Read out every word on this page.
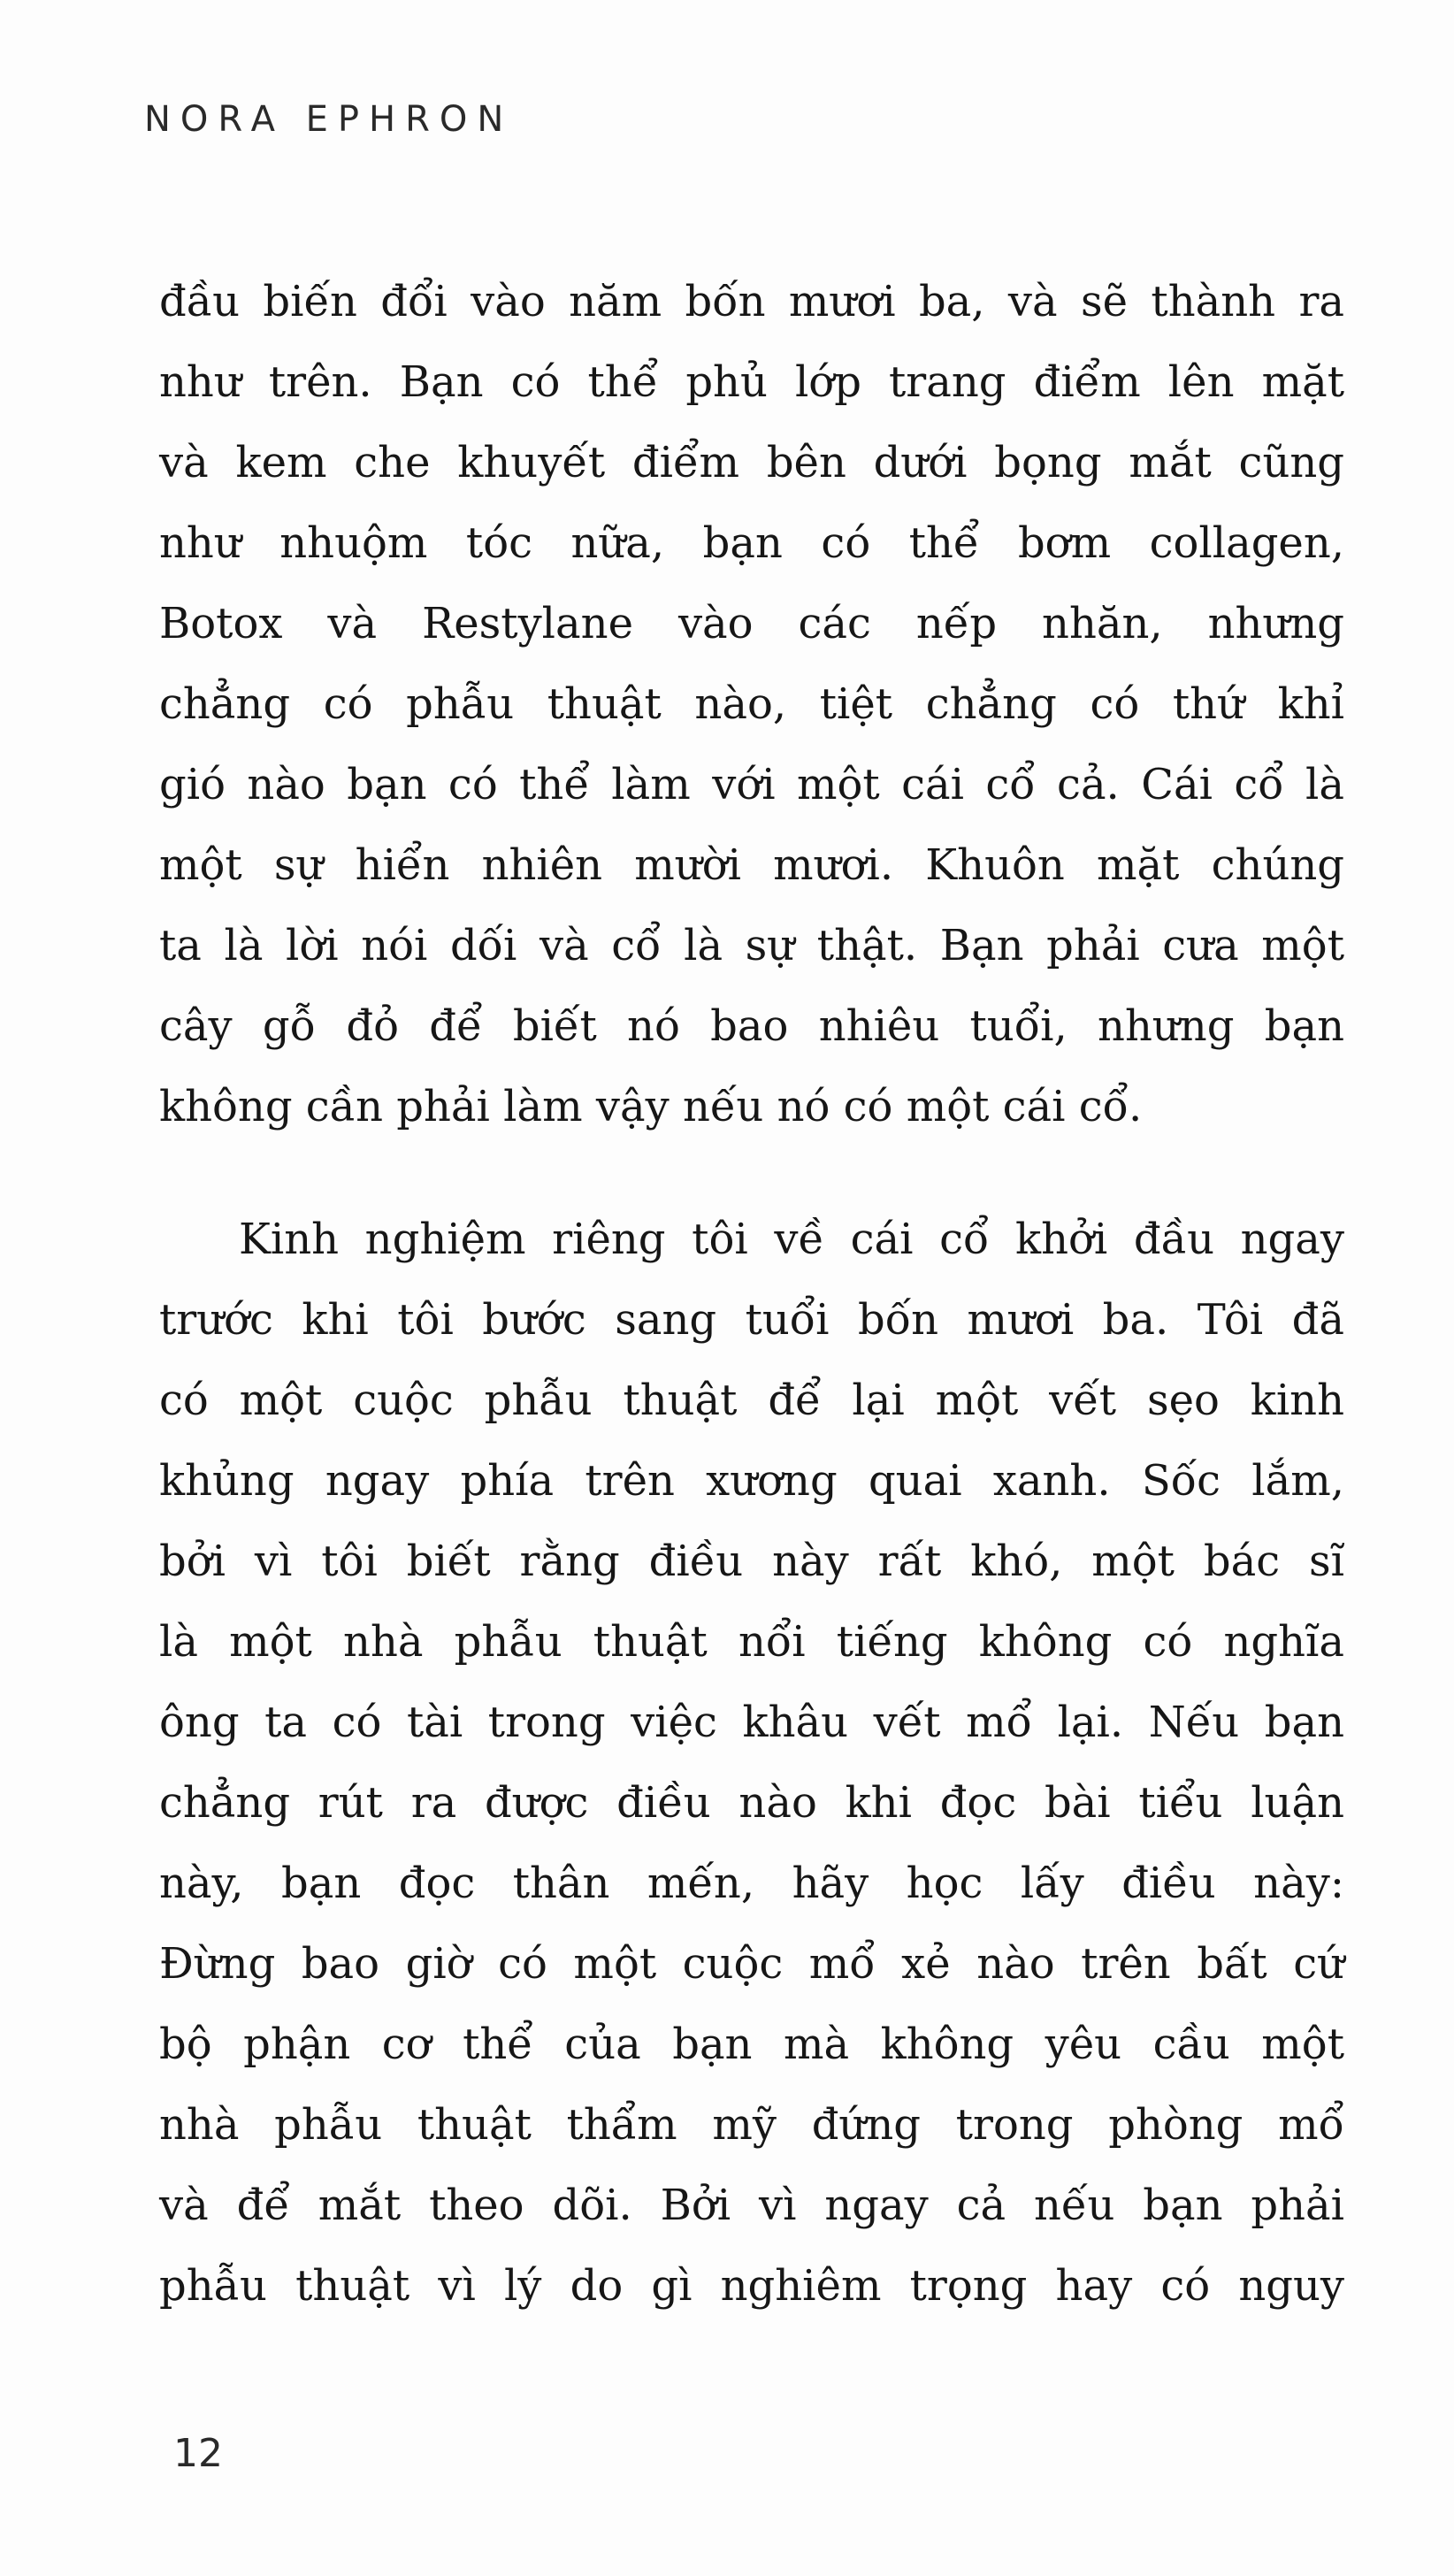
NORA EPHRON
đầu biến đổi vào năm bốn mươi ba, và sẽ thành ra
như trên. Bạn có thể phủ lớp trang điểm lên mặt
và kem che khuyết điểm bên dưới bọng mắt cũng
như nhuộm tóc nữa, bạn có thể bơm collagen,
Botox và Restylane vào các nếp nhăn, nhưng
chẳng có phẫu thuật nào, tiệt chẳng có thứ khỉ
gió nào bạn có thể làm với một cái cổ cả. Cái cổ là
một sự hiển nhiên mười mươi. Khuôn mặt chúng
ta là lời nói dối và cổ là sự thật. Bạn phải cưa một
cây gỗ đỏ để biết nó bao nhiêu tuổi, nhưng bạn
không cần phải làm vậy nếu nó có một cái cổ.
Kinh nghiệm riêng tôi về cái cổ khởi đầu ngay
trước khi tôi bước sang tuổi bốn mươi ba. Tôi đã
có một cuộc phẫu thuật để lại một vết sẹo kinh
khủng ngay phía trên xương quai xanh. Sốc lắm,
bởi vì tôi biết rằng điều này rất khó, một bác sĩ
là một nhà phẫu thuật nổi tiếng không có nghĩa
ông ta có tài trong việc khâu vết mổ lại. Nếu bạn
chẳng rút ra được điều nào khi đọc bài tiểu luận
này, bạn đọc thân mến, hãy học lấy điều này:
Đừng bao giờ có một cuộc mổ xẻ nào trên bất cứ
bộ phận cơ thể của bạn mà không yêu cầu một
nhà phẫu thuật thẩm mỹ đứng trong phòng mổ
và để mắt theo dõi. Bởi vì ngay cả nếu bạn phải
phẫu thuật vì lý do gì nghiêm trọng hay có nguy
12
